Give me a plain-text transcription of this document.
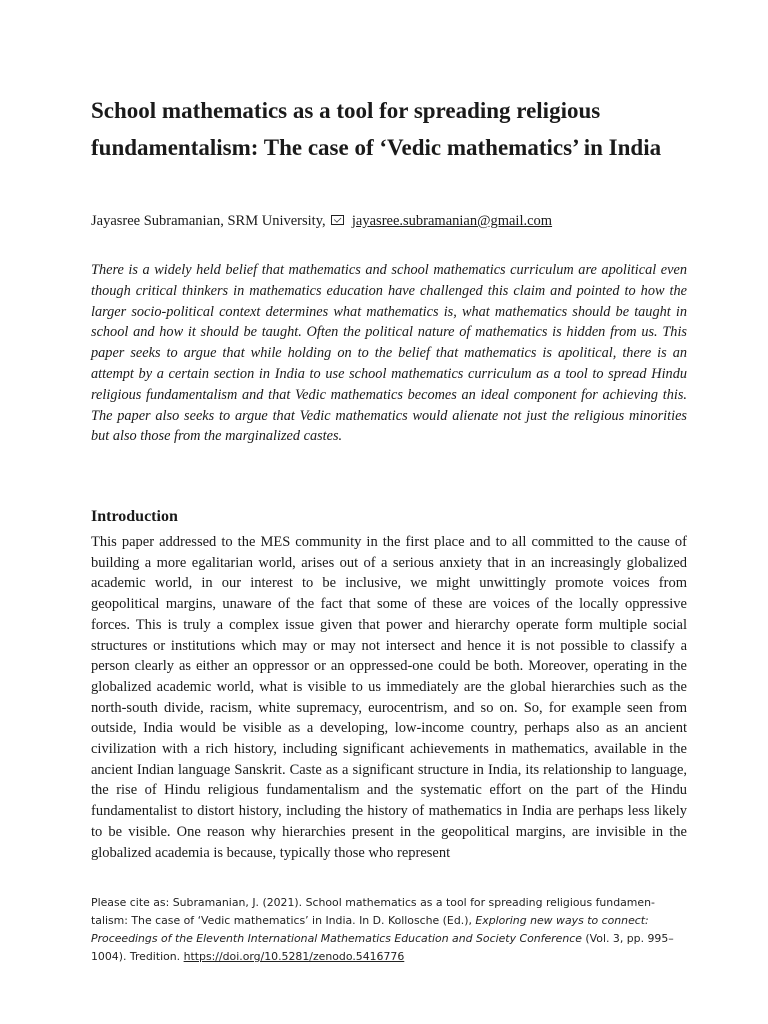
School mathematics as a tool for spreading religious fundamentalism: The case of ‘Vedic mathematics’ in India
Jayasree Subramanian, SRM University, jayasree.subramanian@gmail.com

There is a widely held belief that mathematics and school mathematics curriculum are apolitical even though critical thinkers in mathematics education have challenged this claim and pointed to how the larger socio-political context determines what mathematics is, what mathematics should be taught in school and how it should be taught. Often the political nature of mathematics is hidden from us. This paper seeks to argue that while holding on to the belief that mathematics is apolitical, there is an attempt by a certain section in India to use school mathematics curriculum as a tool to spread Hindu religious fundamentalism and that Vedic mathematics becomes an ideal component for achieving this. The paper also seeks to argue that Vedic mathematics would alienate not just the religious minorities but also those from the marginalized castes.

Introduction

This paper addressed to the MES community in the first place and to all committed to the cause of building a more egalitarian world, arises out of a serious anxiety that in an increasingly globalized academic world, in our interest to be inclusive, we might unwittingly promote voices from geopolitical margins, unaware of the fact that some of these are voices of the locally oppressive forces. This is truly a complex issue given that power and hierarchy operate form multiple social structures or institutions which may or may not intersect and hence it is not possible to classify a person clearly as either an oppressor or an oppressed-one could be both. Moreover, operating in the globalized academic world, what is visible to us immediately are the global hierarchies such as the north-south divide, racism, white supremacy, eurocentrism, and so on. So, for example seen from outside, India would be visible as a developing, low-income country, perhaps also as an ancient civilization with a rich history, including significant achievements in mathematics, available in the ancient Indian language Sanskrit. Caste as a significant structure in India, its relationship to language, the rise of Hindu religious fundamentalism and the systematic effort on the part of the Hindu fundamentalist to distort history, including the history of mathematics in India are perhaps less likely to be visible. One reason why hierarchies present in the geopolitical margins, are invisible in the globalized academia is because, typically those who represent

Please cite as: Subramanian, J. (2021). School mathematics as a tool for spreading religious fundamentalism: The case of ‘Vedic mathematics’ in India. In D. Kollosche (Ed.), Exploring new ways to connect: Proceedings of the Eleventh International Mathematics Education and Society Conference (Vol. 3, pp. 995–1004). Tredition. https://doi.org/10.5281/zenodo.5416776
